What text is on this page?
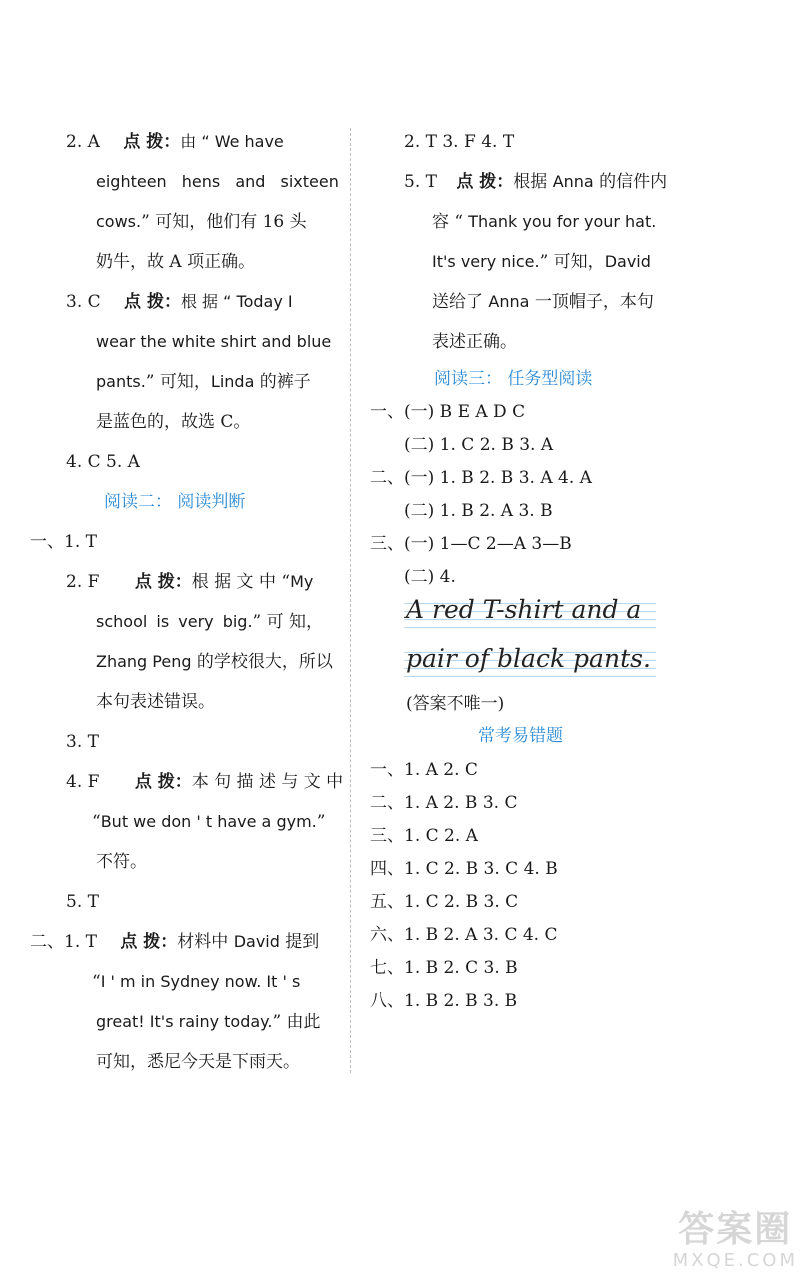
2. A 点 拨：由 “ We have
eighteen hens and sixteen
cows.” 可知，他们有 16 头
奶牛，故 A 项正确。
3. C 点 拨：根 据 “ Today I
wear the white shirt and blue
pants.” 可知，Linda 的裤子
是蓝色的，故选 C。
4. C 5. A
阅读二： 阅读判断
一、1. T
2. F 点 拨：根 据 文 中 “My
school is very big.” 可 知，
Zhang Peng 的学校很大，所以
本句表述错误。
3. T
4. F 点 拨：本 句 描 述 与 文 中
“But we don ' t have a gym.”
不符。
5. T
二、1. T 点 拨：材料中 David 提到
“I ' m in Sydney now. It ' s
great! It's rainy today.” 由此
可知，悉尼今天是下雨天。
2. T 3. F 4. T
5. T 点 拨：根据 Anna 的信件内
容 “ Thank you for your hat.
It's very nice.” 可知，David
送给了 Anna 一顶帽子，本句
表述正确。
阅读三： 任务型阅读
一、(一) B E A D C
(二) 1. C 2. B 3. A
二、(一) 1. B 2. B 3. A 4. A
(二) 1. B 2. A 3. B
三、(一) 1—C 2—A 3—B
(二) 4.
A red T-shirt and a
pair of black pants.
(答案不唯一)
常考易错题
一、1. A 2. C
二、1. A 2. B 3. C
三、1. C 2. A
四、1. C 2. B 3. C 4. B
五、1. C 2. B 3. C
六、1. B 2. A 3. C 4. C
七、1. B 2. C 3. B
八、1. B 2. B 3. B
答案圈
MXQE.COM
